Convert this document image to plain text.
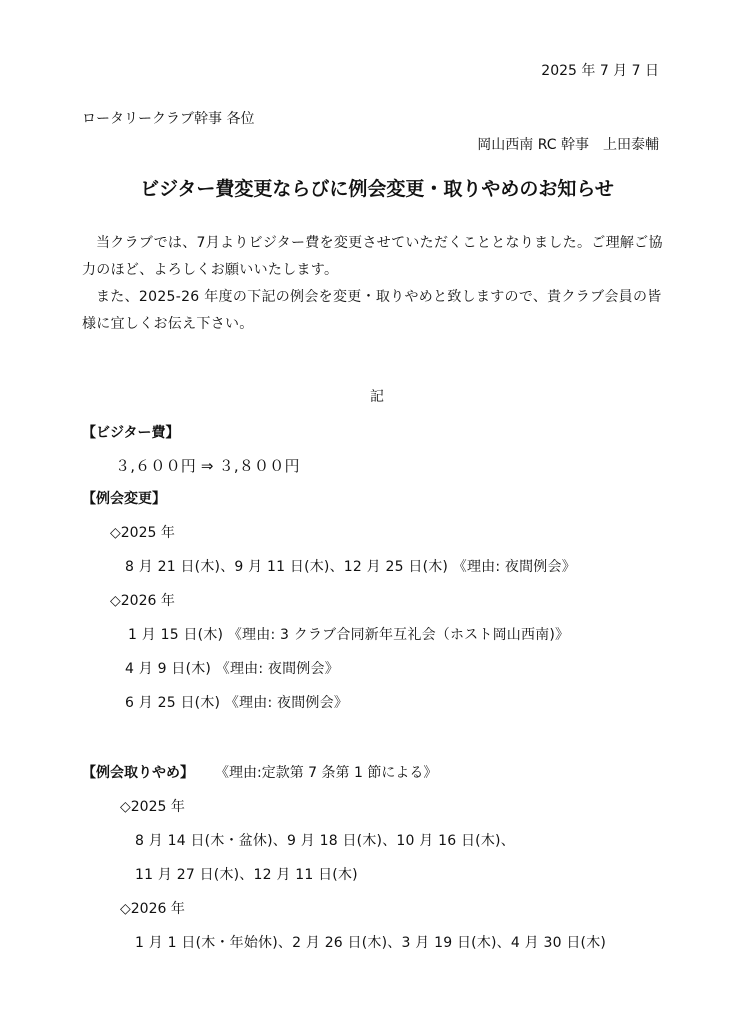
2025 年 7 月 7 日
ロータリークラブ幹事 各位
岡山西南 RC 幹事　上田泰輔
ビジター費変更ならびに例会変更・取りやめのお知らせ
当クラブでは、7月よりビジター費を変更させていただくこととなりました。ご理解ご協力のほど、よろしくお願いいたします。
また、2025-26 年度の下記の例会を変更・取りやめと致しますので、貴クラブ会員の皆様に宜しくお伝え下さい。
記
【ビジター費】
３,６００円 ⇒ ３,８００円
【例会変更】
◇2025 年
8 月 21 日(木)、9 月 11 日(木)、12 月 25 日(木) 《理由: 夜間例会》
◇2026 年
1 月 15 日(木) 《理由: 3 クラブ合同新年互礼会（ホスト岡山西南)》
4 月 9 日(木) 《理由: 夜間例会》
6 月 25 日(木) 《理由: 夜間例会》
【例会取りやめ】 《理由:定款第 7 条第 1 節による》
◇2025 年
8 月 14 日(木・盆休)、9 月 18 日(木)、10 月 16 日(木)、
11 月 27 日(木)、12 月 11 日(木)
◇2026 年
1 月 1 日(木・年始休)、2 月 26 日(木)、3 月 19 日(木)、4 月 30 日(木)
